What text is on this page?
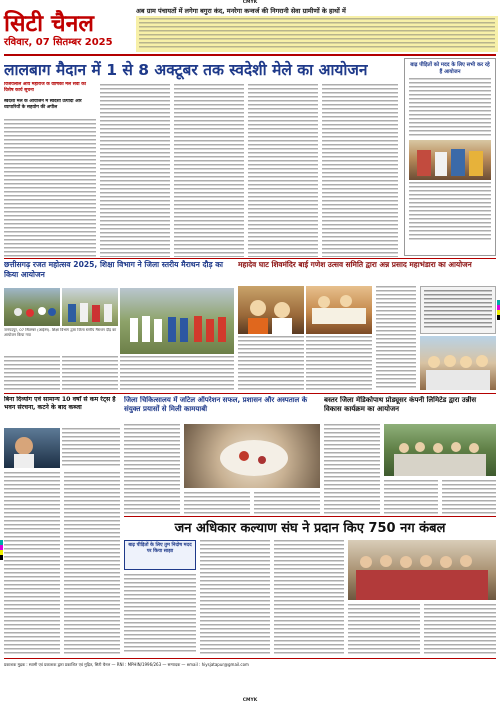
CMYK
सिटी चैनल
रविवार, 07 सितम्बर 2025
अब ग्राम पंचायतों में लगेगा बगुरा कंद, मनरेगा कन्वर्ज की निगरानी सेवा ग्रामीणों के हाथों में
लालबाग मैदान में 1 से 8 अक्टूबर तक स्वदेशी मेले का आयोजन
विजयलाल आर्य महाराज के वार्षिकी मेले सेवा का विशेष कार्य सूचना
स्वदेशी मेले के आयोजन में स्वदेशी उत्पादो और व्यापारियों के सहयोग की अपील
बाढ़ पीड़ितों को मदद के लिए सभी कर रहे हैं आयोजन
छत्तीसगढ़ रजत महोत्सव 2025, शिक्षा विभाग ने जिला स्तरीय मैराथन दौड़ का किया आयोजन
जनपदपुर, 07 सितम्बर (आईस्न). शिक्षा विभाग द्वारा जिला स्तरीय मैराथन दौड़ का आयोजन किया गया
महादेव घाट शिवमंदिर बाई गणेश उत्सव समिति द्वारा अन्न प्रसाद महाभंडारा का आयोजन
बिना दिव्यांग एवं सामान्य 10 वर्षों से कम रेट्स है भवन संरचना, कटने के बाद कब्जा
जिला चिकित्सालय में जटिल ऑपरेशन सफल, प्रशासन और अस्पताल के संयुक्त प्रयासों से मिली कामयाबी
बस्तर जिला मेडिकोपाथ प्रोड्यूसर कंपनी लिमिटेड द्वारा उन्नीस विकास कार्यक्रम का आयोजन
जन अधिकार कल्याण संघ ने प्रदान किए 750 नग कंबल
बाढ़ पीड़ितों के लिए तुम निदोष मदद पर किया साझा
प्रकाशक मुद्रक : स्वामी एवं प्रकाशक द्वारा प्रकाशित एवं मुद्रित, सिटी चैनल — RNI : MPHIN/1996/263 — सम्पादक — email : hiysjatapur@gmail.com
CMYK
